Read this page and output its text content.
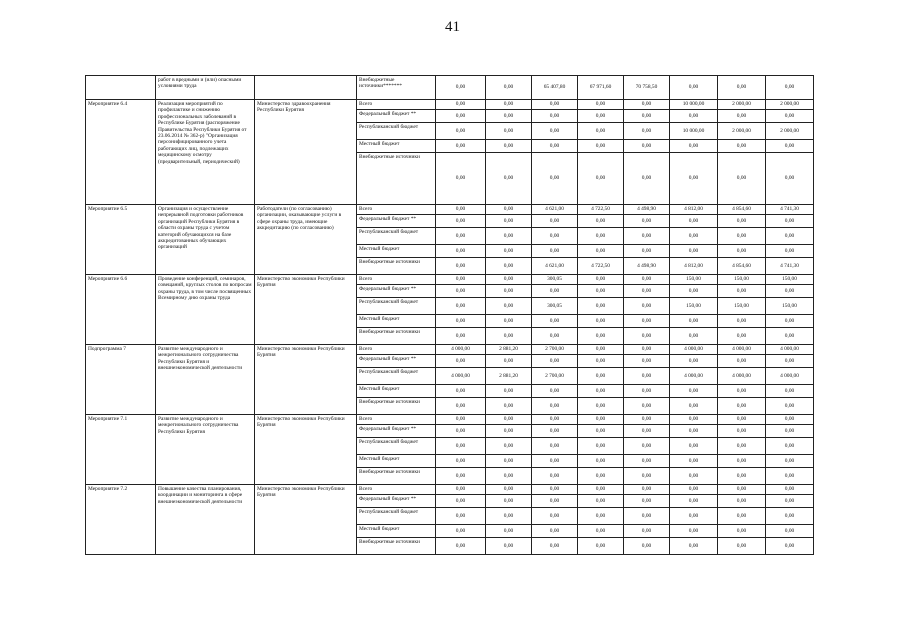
41
	работ в вредными и (или) опасными условиями труда		Внебюджетные источники*******	0,00	0,00	65 407,80	67 971,60	70 758,50	0,00	0,00	0,00
Мероприятие 6.4	Реализация мероприятий по профилактике и снижению профессиональных заболеваний в Республике Бурятия (распоряжение Правительства Республики Бурятия от 23.06.2014 № 362-р) "Организация персонифицированного учета работающих лиц, подлежащих медицинскому осмотру (предварительный, периодический)	Министерство здравоохранения Республики Бурятия	Всего	0,00	0,00	0,00	0,00	0,00	10 000,00	2 000,00	2 000,00
			Федеральный бюджет **	0,00	0,00	0,00	0,00	0,00	0,00	0,00	0,00
			Республиканский бюджет	0,00	0,00	0,00	0,00	0,00	10 000,00	2 000,00	2 000,00
			Местный бюджет	0,00	0,00	0,00	0,00	0,00	0,00	0,00	0,00
			Внебюджетные источники	0,00	0,00	0,00	0,00	0,00	0,00	0,00	0,00
Мероприятие 6.5	Организация и осуществление непрерывной подготовки работников организаций Республики Бурятия в области охраны труда с учетом категорий обучающихся на базе аккредитованных обучающих организаций	Работодатели (по согласованию) организации, оказывающие услуги в сфере охраны труда, имеющие аккредитацию (по согласованию)	Всего	0,00	0,00	4 621,00	4 722,50	4 498,90	4 812,00	4 854,60	4 741,30
			Федеральный бюджет **	0,00	0,00	0,00	0,00	0,00	0,00	0,00	0,00
			Республиканский бюджет	0,00	0,00	0,00	0,00	0,00	0,00	0,00	0,00
			Местный бюджет	0,00	0,00	0,00	0,00	0,00	0,00	0,00	0,00
			Внебюджетные источники	0,00	0,00	4 621,00	4 722,50	4 498,90	4 812,00	4 854,60	4 741,30
Мероприятие 6.6	Проведение конференций, семинаров, совещаний, круглых столов по вопросам охраны труда, в том числе посвященных Всемирному дню охраны труда	Министерство экономики Республики Бурятия	Всего	0,00	0,00	300,05	0,00	0,00	150,00	150,00	150,00
			Федеральный бюджет **	0,00	0,00	0,00	0,00	0,00	0,00	0,00	0,00
			Республиканский бюджет	0,00	0,00	300,05	0,00	0,00	150,00	150,00	150,00
			Местный бюджет	0,00	0,00	0,00	0,00	0,00	0,00	0,00	0,00
			Внебюджетные источники	0,00	0,00	0,00	0,00	0,00	0,00	0,00	0,00
Подпрограмма 7	Развитие международного и межрегионального сотрудничества Республики Бурятия и внешнеэкономической деятельности	Министерство экономики Республики Бурятия	Всего	4 000,00	2 881,20	2 700,00	0,00	0,00	4 000,00	4 000,00	4 000,00
			Федеральный бюджет **	0,00	0,00	0,00	0,00	0,00	0,00	0,00	0,00
			Республиканский бюджет	4 000,00	2 881,20	2 700,00	0,00	0,00	4 000,00	4 000,00	4 000,00
			Местный бюджет	0,00	0,00	0,00	0,00	0,00	0,00	0,00	0,00
			Внебюджетные источники	0,00	0,00	0,00	0,00	0,00	0,00	0,00	0,00
Мероприятие 7.1	Развитие международного и межрегионального сотрудничества Республики Бурятия	Министерство экономики Республики Бурятия	Всего	0,00	0,00	0,00	0,00	0,00	0,00	0,00	0,00
			Федеральный бюджет **	0,00	0,00	0,00	0,00	0,00	0,00	0,00	0,00
			Республиканский бюджет	0,00	0,00	0,00	0,00	0,00	0,00	0,00	0,00
			Местный бюджет	0,00	0,00	0,00	0,00	0,00	0,00	0,00	0,00
			Внебюджетные источники	0,00	0,00	0,00	0,00	0,00	0,00	0,00	0,00
Мероприятие 7.2	Повышение качества планирования, координации и мониторинга в сфере внешнеэкономической деятельности	Министерство экономики Республики Бурятия	Всего	0,00	0,00	0,00	0,00	0,00	0,00	0,00	0,00
			Федеральный бюджет **	0,00	0,00	0,00	0,00	0,00	0,00	0,00	0,00
			Республиканский бюджет	0,00	0,00	0,00	0,00	0,00	0,00	0,00	0,00
			Местный бюджет	0,00	0,00	0,00	0,00	0,00	0,00	0,00	0,00
			Внебюджетные источники	0,00	0,00	0,00	0,00	0,00	0,00	0,00	0,00
